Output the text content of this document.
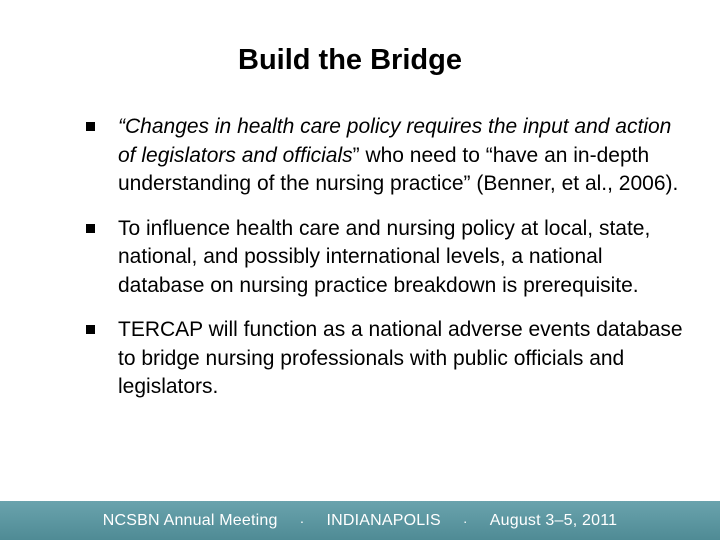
Build the Bridge
“Changes in health care policy requires the input and action of legislators and officials” who need to “have an in-depth understanding of the nursing practice” (Benner, et al., 2006).
To influence health care and nursing policy at local, state, national, and possibly international levels, a national database on nursing practice breakdown is prerequisite.
TERCAP will function as a national adverse events database to bridge nursing professionals with public officials and legislators.
NCSBN Annual Meeting · INDIANAPOLIS · August 3–5, 2011
